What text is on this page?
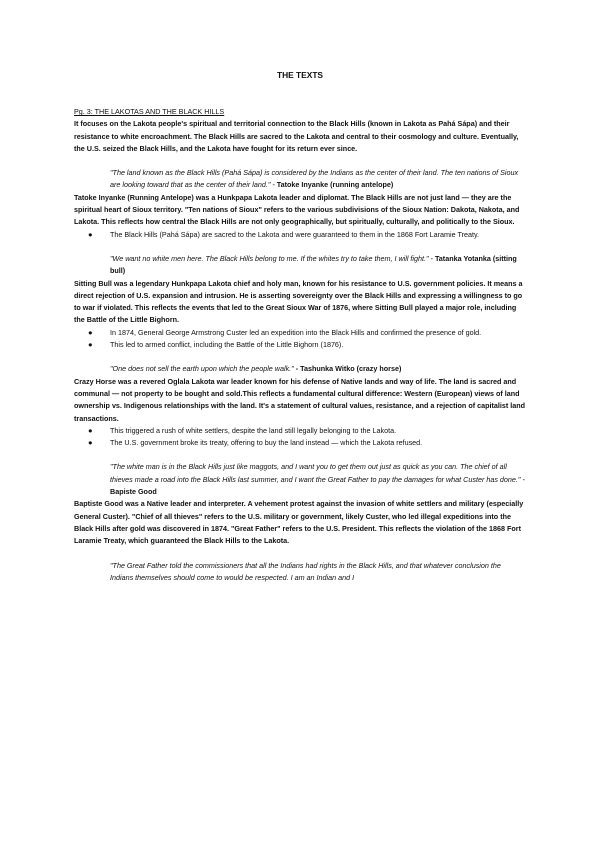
THE TEXTS

Pg. 3: THE LAKOTAS AND THE BLACK HILLS

It focuses on the Lakota people's spiritual and territorial connection to the Black Hills (known in Lakota as Pahá Sápa) and their resistance to white encroachment. The Black Hills are sacred to the Lakota and central to their cosmology and culture. Eventually, the U.S. seized the Black Hills, and the Lakota have fought for its return ever since.

"The land known as the Black Hills (Pahá Sápa) is considered by the Indians as the center of their land. The ten nations of Sioux are looking toward that as the center of their land." - Tatoke Inyanke (running antelope)

Tatoke Inyanke (Running Antelope) was a Hunkpapa Lakota leader and diplomat. The Black Hills are not just land — they are the spiritual heart of Sioux territory. "Ten nations of Sioux" refers to the various subdivisions of the Sioux Nation: Dakota, Nakota, and Lakota. This reflects how central the Black Hills are not only geographically, but spiritually, culturally, and politically to the Sioux.

● The Black Hills (Pahá Sápa) are sacred to the Lakota and were guaranteed to them in the 1868 Fort Laramie Treaty.

"We want no white men here. The Black Hills belong to me. If the whites try to take them, I will fight." - Tatanka Yotanka (sitting bull)

Sitting Bull was a legendary Hunkpapa Lakota chief and holy man, known for his resistance to U.S. government policies. It means a direct rejection of U.S. expansion and intrusion. He is asserting sovereignty over the Black Hills and expressing a willingness to go to war if violated. This reflects the events that led to the Great Sioux War of 1876, where Sitting Bull played a major role, including the Battle of the Little Bighorn.

● In 1874, General George Armstrong Custer led an expedition into the Black Hills and confirmed the presence of gold.
● This led to armed conflict, including the Battle of the Little Bighorn (1876).

"One does not sell the earth upon which the people walk." - Tashunka Witko (crazy horse)

Crazy Horse was a revered Oglala Lakota war leader known for his defense of Native lands and way of life. The land is sacred and communal — not property to be bought and sold.This reflects a fundamental cultural difference: Western (European) views of land ownership vs. Indigenous relationships with the land. It's a statement of cultural values, resistance, and a rejection of capitalist land transactions.

● This triggered a rush of white settlers, despite the land still legally belonging to the Lakota.
● The U.S. government broke its treaty, offering to buy the land instead — which the Lakota refused.

"The white man is in the Black Hills just like maggots, and I want you to get them out just as quick as you can. The chief of all thieves made a road into the Black Hills last summer, and I want the Great Father to pay the damages for what Custer has done." - Bapiste Good

Baptiste Good was a Native leader and interpreter. A vehement protest against the invasion of white settlers and military (especially General Custer). "Chief of all thieves" refers to the U.S. military or government, likely Custer, who led illegal expeditions into the Black Hills after gold was discovered in 1874. "Great Father" refers to the U.S. President. This reflects the violation of the 1868 Fort Laramie Treaty, which guaranteed the Black Hills to the Lakota.

"The Great Father told the commissioners that all the Indians had rights in the Black Hills, and that whatever conclusion the Indians themselves should come to would be respected. I am an Indian and I
